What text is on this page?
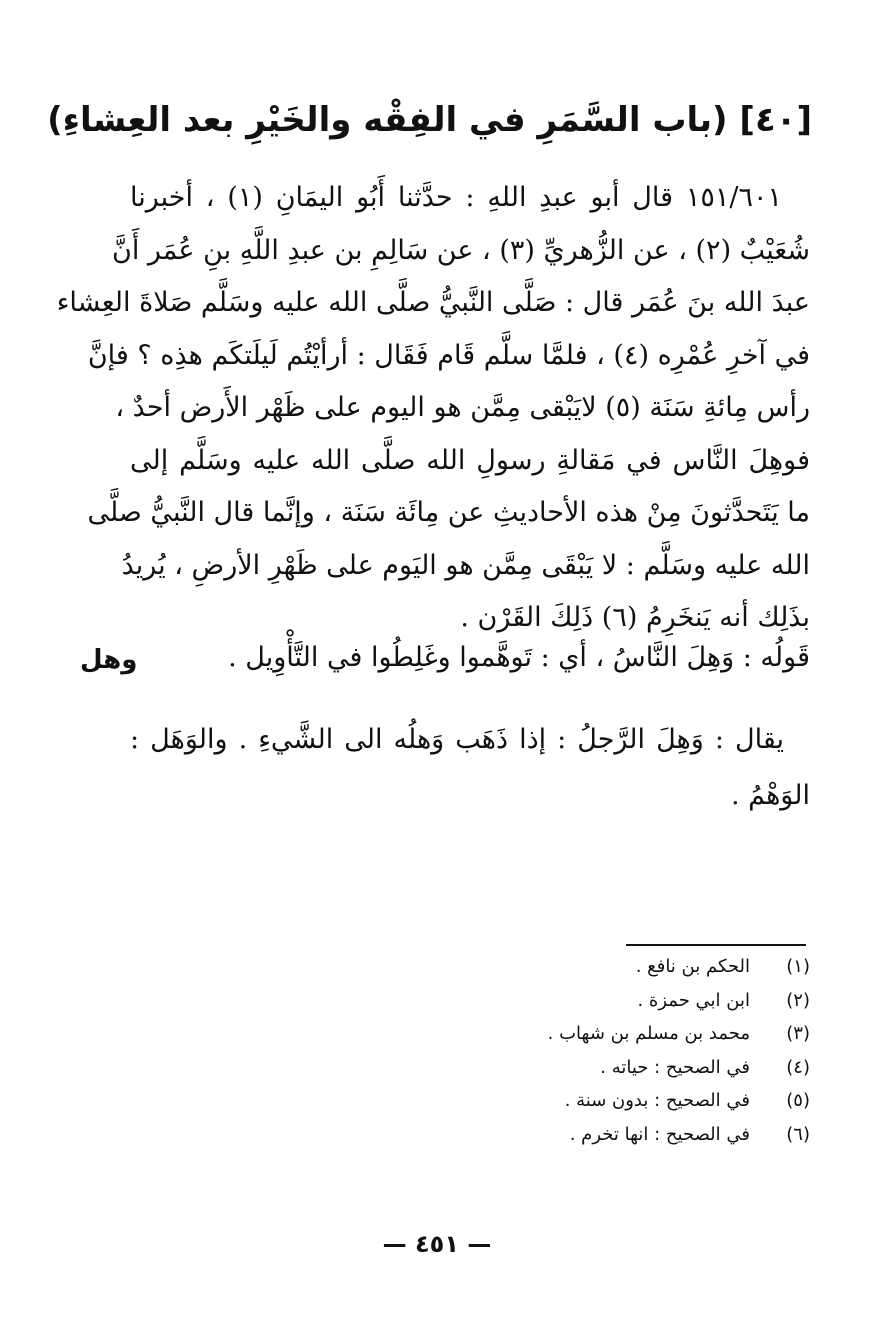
[٤٠] (باب السَّمَرِ في الفِقْه والخَيْرِ بعد العِشاءِ)
١٥١/٦٠١ قال أبو عبدِ اللهِ : حدَّثنا أَبُو اليمَانِ (١) ، أخبرنا
شُعَيْبٌ (٢) ، عن الزُّهريِّ (٣) ، عن سَالِمِ بن عبدِ اللَّهِ بنِ عُمَر أَنَّ
عبدَ الله بنَ عُمَر قال : صَلَّى النَّبيُّ صلَّى الله عليه وسَلَّم صَلاةَ العِشاء
في آخرِ عُمْرِه (٤) ، فلمَّا سلَّم قَام فَقَال : أرأيْتُم لَيلَتكَم هذِه ؟ فإنَّ
رأس مِائةِ سَنَة (٥) لايَبْقى مِمَّن هو اليوم على ظَهْر الأَرض أحدٌ ،
فوهِلَ النَّاس في مَقالةِ رسولِ الله صلَّى الله عليه وسَلَّم إلى
ما يَتَحدَّثونَ مِنْ هذه الأحاديثِ عن مِائَة سَنَة ، وإنَّما قال النَّبيُّ صلَّى
الله عليه وسَلَّم : لا يَبْقَى مِمَّن هو اليَوم على ظَهْرِ الأرضِ ، يُريدُ
بذَلِك أنه يَنخَرِمُ (٦) ذَلِكَ القَرْن .
قَولُه : وَهِلَ النَّاسُ ، أي : تَوهَّموا وغَلِطُوا في التَّأْوِيل .
وهل
يقال : وَهِلَ الرَّجلُ : إذا ذَهَب وَهلُه الى الشَّيءِ . والوَهَل :
الوَهْمُ .
(١)الحكم بن نافع .
(٢)ابن ابي حمزة .
(٣)محمد بن مسلم بن شهاب .
(٤)في الصحيح : حياته .
(٥)في الصحيح : بدون سنة .
(٦)في الصحيح : انها تخرم .
— ٤٥١ —
